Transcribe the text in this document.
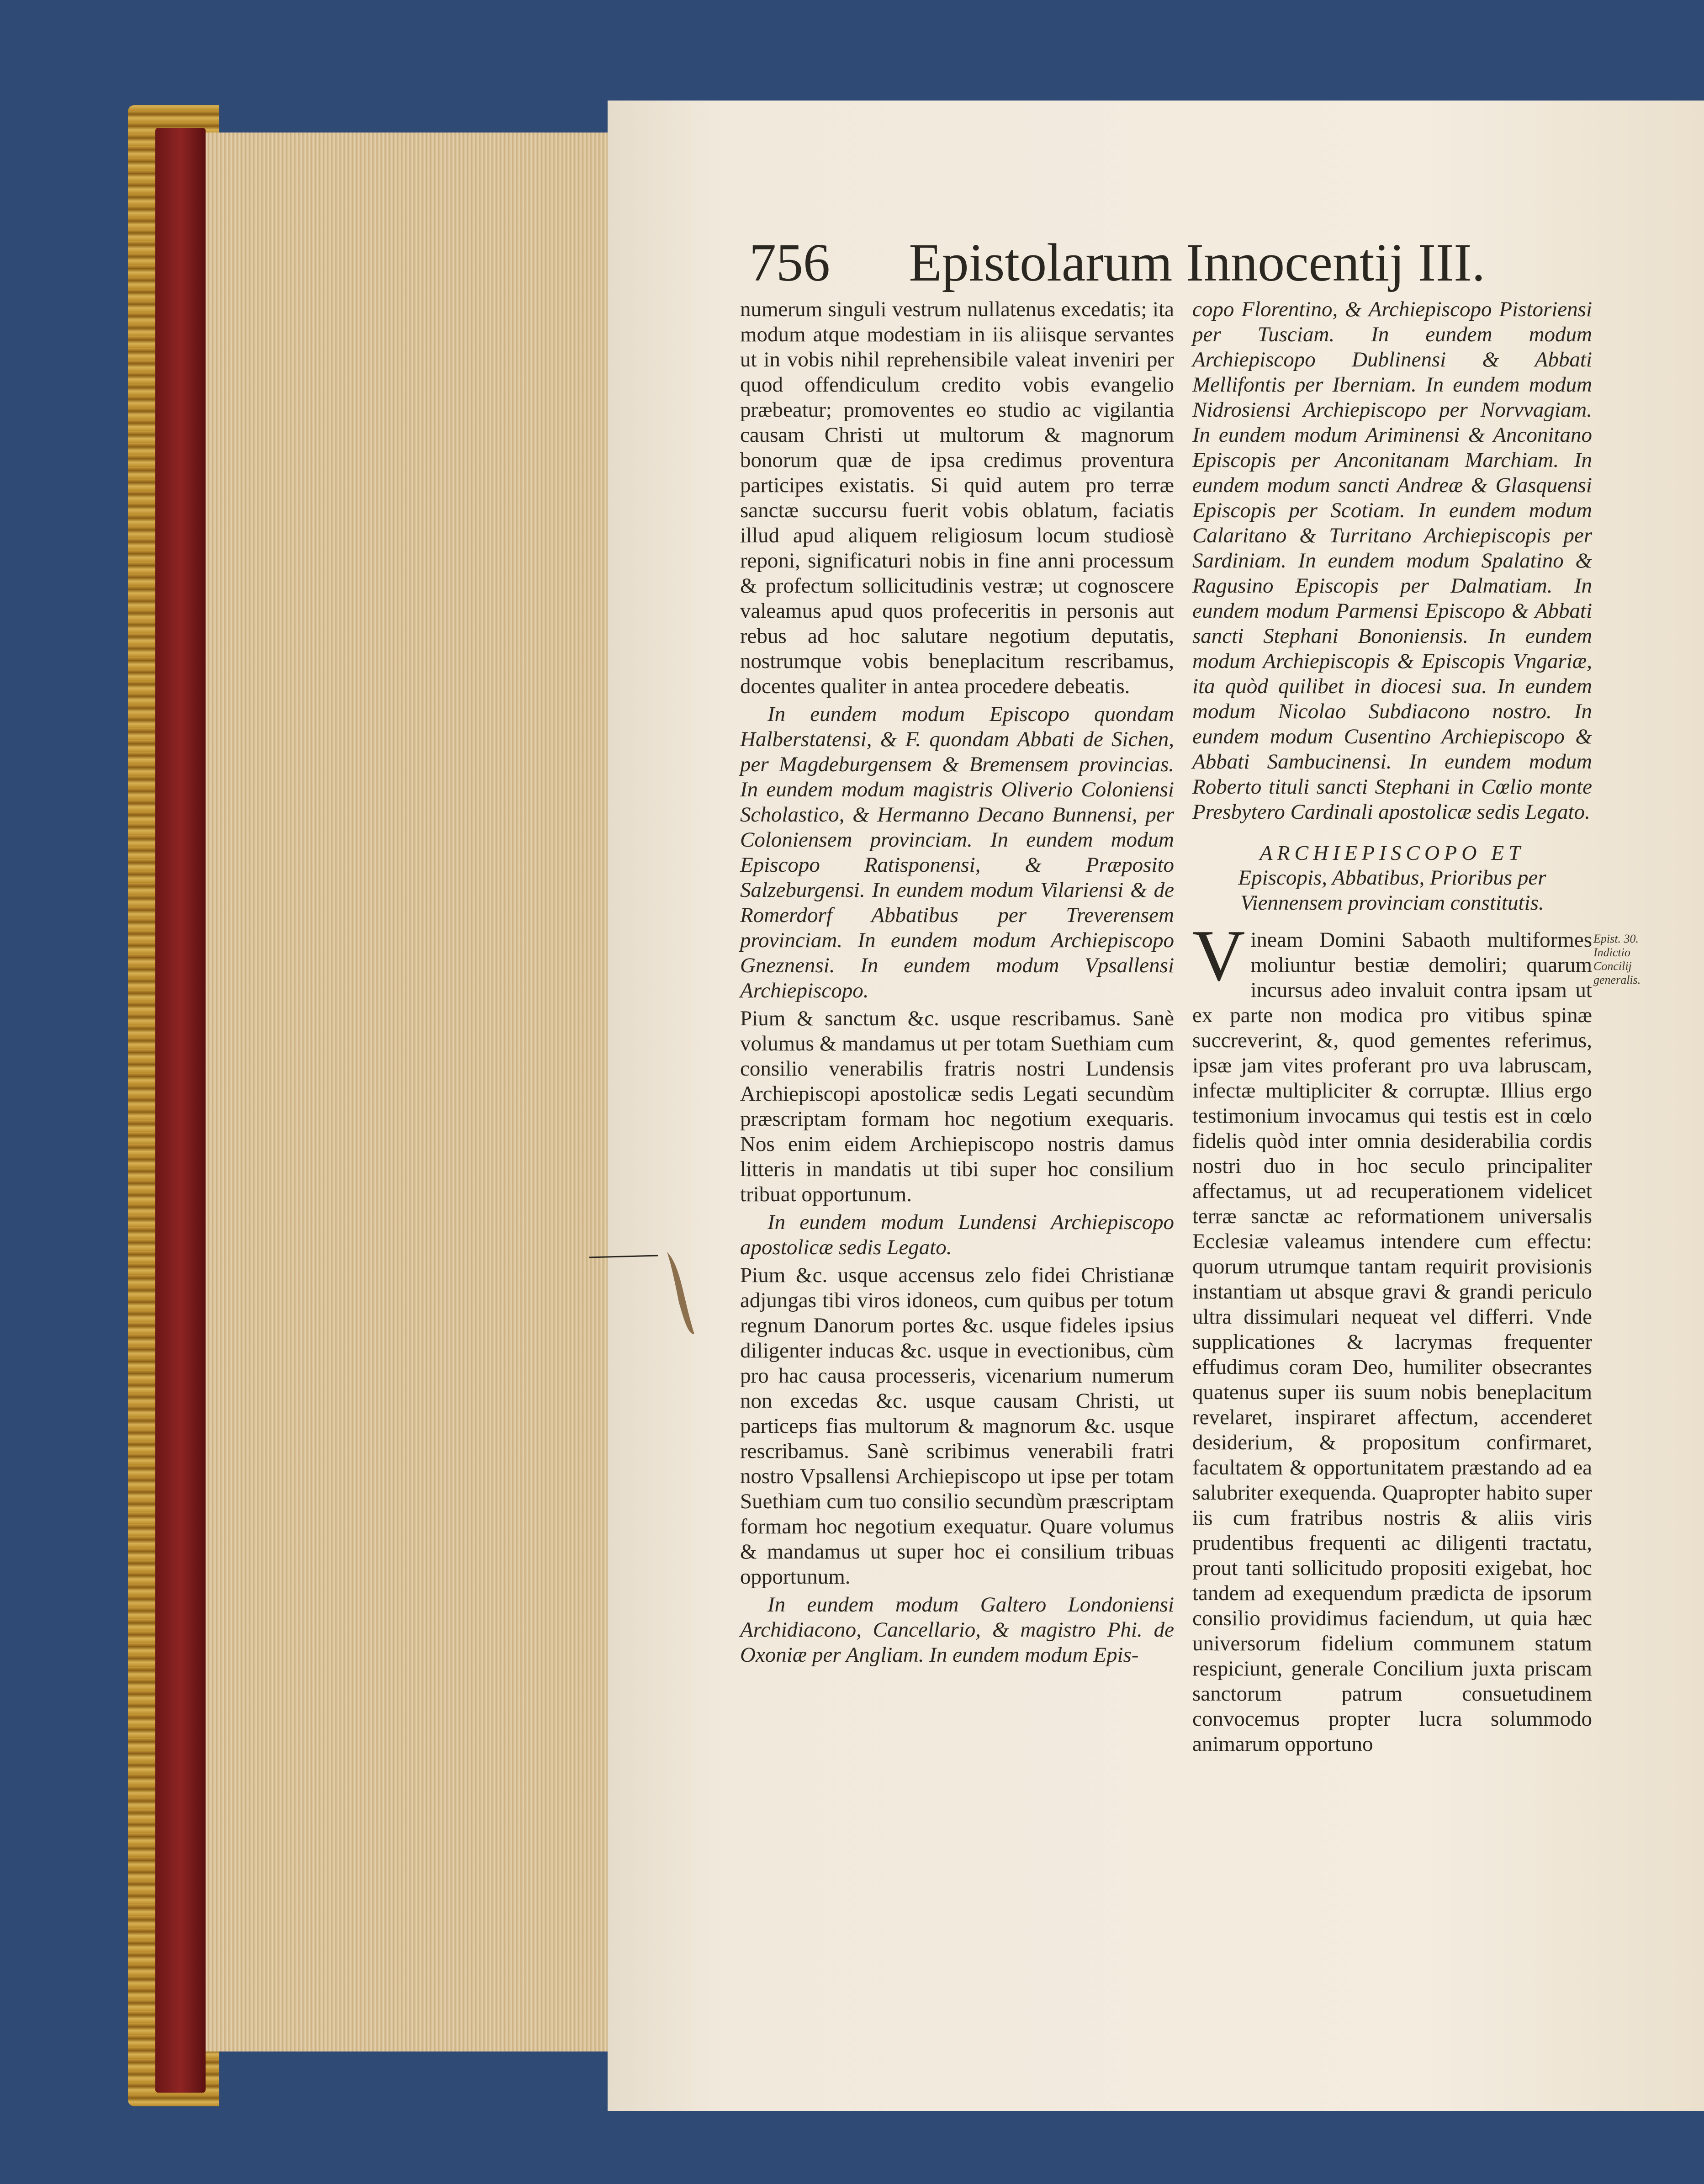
756 Epistolarum Innocentij III.

numerum singuli vestrum nullatenus excedatis; ita modum atque modestiam in iis aliisque servantes ut in vobis nihil reprehensibile valeat inveniri per quod offendiculum credito vobis evangelio præbeatur; promoventes eo studio ac vigilantia causam Christi ut multorum & magnorum bonorum quæ de ipsa credimus proventura participes existatis. Si quid autem pro terræ sanctæ succursu fuerit vobis oblatum, faciatis illud apud aliquem religiosum locum studiosè reponi, significaturi nobis in fine anni processum & profectum sollicitudinis vestræ; ut cognoscere valeamus apud quos profeceritis in personis aut rebus ad hoc salutare negotium deputatis, nostrumque vobis beneplacitum rescribamus, docentes qualiter in antea procedere debeatis.

In eundem modum Episcopo quondam Halberstatensi, & F. quondam Abbati de Sichen, per Magdeburgensem & Bremensem provincias. In eundem modum magistris Oliverio Coloniensi Scholastico, & Hermanno Decano Bunnensi, per Coloniensem provinciam. In eundem modum Episcopo Ratisponensi, & Præposito Salzeburgensi. In eundem modum Vilariensi & de Romerdorf Abbatibus per Treverensem provinciam. In eundem modum Archiepiscopo Gneznensi. In eundem modum Vpsallensi Archiepiscopo.

Pium & sanctum &c. usque rescribamus. Sanè volumus & mandamus ut per totam Suethiam cum consilio venerabilis fratris nostri Lundensis Archiepiscopi apostolicæ sedis Legati secundùm præscriptam formam hoc negotium exequaris. Nos enim eidem Archiepiscopo nostris damus litteris in mandatis ut tibi super hoc consilium tribuat opportunum.

In eundem modum Lundensi Archiepiscopo apostolicæ sedis Legato.

Pium &c. usque accensus zelo fidei Christianæ adjungas tibi viros idoneos, cum quibus per totum regnum Danorum portes &c. usque fideles ipsius diligenter inducas &c. usque in evectionibus, cùm pro hac causa processeris, vicenarium numerum non excedas &c. usque causam Christi, ut particeps fias multorum & magnorum &c. usque rescribamus. Sanè scribimus venerabili fratri nostro Vpsallensi Archiepiscopo ut ipse per totam Suethiam cum tuo consilio secundùm præscriptam formam hoc negotium exequatur. Quare volumus & mandamus ut super hoc ei consilium tribuas opportunum.

In eundem modum Galtero Londoniensi Archidiacono, Cancellario, & magistro Phi. de Oxoniæ per Angliam. In eundem modum Epis-

copo Florentino, & Archiepiscopo Pistoriensi per Tusciam. In eundem modum Archiepiscopo Dublinensi & Abbati Mellifontis per Iberniam. In eundem modum Nidrosiensi Archiepiscopo per Norvvagiam. In eundem modum Ariminensi & Anconitano Episcopis per Anconitanam Marchiam. In eundem modum sancti Andreæ & Glasquensi Episcopis per Scotiam. In eundem modum Calaritano & Turritano Archiepiscopis per Sardiniam. In eundem modum Spalatino & Ragusino Episcopis per Dalmatiam. In eundem modum Parmensi Episcopo & Abbati sancti Stephani Bononiensis. In eundem modum Archiepiscopis & Episcopis Vngariæ, ita quòd quilibet in diocesi sua. In eundem modum Nicolao Subdiacono nostro. In eundem modum Cusentino Archiepiscopo & Abbati Sambucinensi. In eundem modum Roberto tituli sancti Stephani in Cœlio monte Presbytero Cardinali apostolicæ sedis Legato.

ARCHIEPISCOPO ET
Episcopis, Abbatibus, Prioribus per Viennensem provinciam constitutis.

Vineam Domini Sabaoth multiformes moliuntur bestiæ demoliri; quarum incursus adeo invaluit contra ipsam ut ex parte non modica pro vitibus spinæ succreverint, &, quod gementes referimus, ipsæ jam vites proferant pro uva labruscam, infectæ multipliciter & corruptæ. Illius ergo testimonium invocamus qui testis est in cœlo fidelis quòd inter omnia desiderabilia cordis nostri duo in hoc seculo principaliter affectamus, ut ad recuperationem videlicet terræ sanctæ ac reformationem universalis Ecclesiæ valeamus intendere cum effectu: quorum utrumque tantam requirit provisionis instantiam ut absque gravi & grandi periculo ultra dissimulari nequeat vel differri. Vnde supplicationes & lacrymas frequenter effudimus coram Deo, humiliter obsecrantes quatenus super iis suum nobis beneplacitum revelaret, inspiraret affectum, accenderet desiderium, & propositum confirmaret, facultatem & opportunitatem præstando ad ea salubriter exequenda. Quapropter habito super iis cum fratribus nostris & aliis viris prudentibus frequenti ac diligenti tractatu, prout tanti sollicitudo propositi exigebat, hoc tandem ad exequendum prædicta de ipsorum consilio providimus faciendum, ut quia hæc universorum fidelium communem statum respiciunt, generale Concilium juxta priscam sanctorum patrum consuetudinem convocemus propter lucra solummodo animarum opportuno

Epist. 30. Indictio Concilij generalis.
